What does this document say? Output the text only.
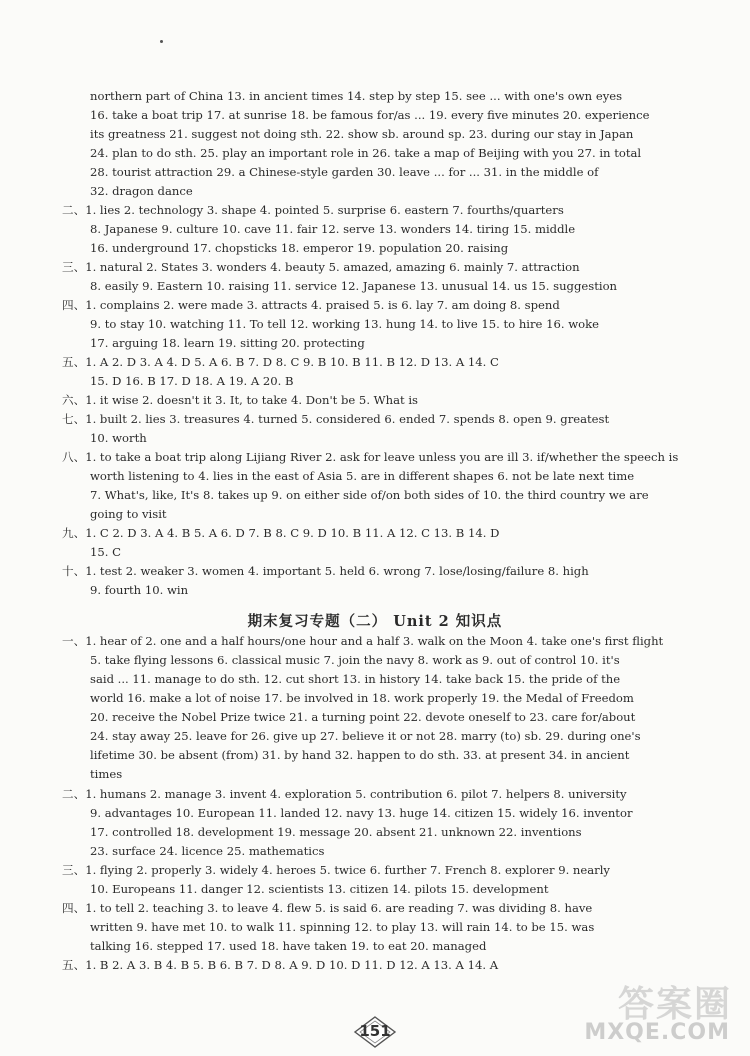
northern part of China 13. in ancient times 14. step by step 15. see ... with one's own eyes
16. take a boat trip 17. at sunrise 18. be famous for/as ... 19. every five minutes 20. experience
its greatness 21. suggest not doing sth. 22. show sb. around sp. 23. during our stay in Japan
24. plan to do sth. 25. play an important role in 26. take a map of Beijing with you 27. in total
28. tourist attraction 29. a Chinese-style garden 30. leave ... for ... 31. in the middle of
32. dragon dance
二、1. lies 2. technology 3. shape 4. pointed 5. surprise 6. eastern 7. fourths/quarters
8. Japanese 9. culture 10. cave 11. fair 12. serve 13. wonders 14. tiring 15. middle
16. underground 17. chopsticks 18. emperor 19. population 20. raising
三、1. natural 2. States 3. wonders 4. beauty 5. amazed, amazing 6. mainly 7. attraction
8. easily 9. Eastern 10. raising 11. service 12. Japanese 13. unusual 14. us 15. suggestion
四、1. complains 2. were made 3. attracts 4. praised 5. is 6. lay 7. am doing 8. spend
9. to stay 10. watching 11. To tell 12. working 13. hung 14. to live 15. to hire 16. woke
17. arguing 18. learn 19. sitting 20. protecting
五、1. A 2. D 3. A 4. D 5. A 6. B 7. D 8. C 9. B 10. B 11. B 12. D 13. A 14. C
15. D 16. B 17. D 18. A 19. A 20. B
六、1. it wise 2. doesn't it 3. It, to take 4. Don't be 5. What is
七、1. built 2. lies 3. treasures 4. turned 5. considered 6. ended 7. spends 8. open 9. greatest
10. worth
八、1. to take a boat trip along Lijiang River 2. ask for leave unless you are ill 3. if/whether the speech is
worth listening to 4. lies in the east of Asia 5. are in different shapes 6. not be late next time
7. What's, like, It's 8. takes up 9. on either side of/on both sides of 10. the third country we are
going to visit
九、1. C 2. D 3. A 4. B 5. A 6. D 7. B 8. C 9. D 10. B 11. A 12. C 13. B 14. D
15. C
十、1. test 2. weaker 3. women 4. important 5. held 6. wrong 7. lose/losing/failure 8. high
9. fourth 10. win
期末复习专题（二） Unit 2 知识点
一、1. hear of 2. one and a half hours/one hour and a half 3. walk on the Moon 4. take one's first flight
5. take flying lessons 6. classical music 7. join the navy 8. work as 9. out of control 10. it's
said ... 11. manage to do sth. 12. cut short 13. in history 14. take back 15. the pride of the
world 16. make a lot of noise 17. be involved in 18. work properly 19. the Medal of Freedom
20. receive the Nobel Prize twice 21. a turning point 22. devote oneself to 23. care for/about
24. stay away 25. leave for 26. give up 27. believe it or not 28. marry (to) sb. 29. during one's
lifetime 30. be absent (from) 31. by hand 32. happen to do sth. 33. at present 34. in ancient
times
二、1. humans 2. manage 3. invent 4. exploration 5. contribution 6. pilot 7. helpers 8. university
9. advantages 10. European 11. landed 12. navy 13. huge 14. citizen 15. widely 16. inventor
17. controlled 18. development 19. message 20. absent 21. unknown 22. inventions
23. surface 24. licence 25. mathematics
三、1. flying 2. properly 3. widely 4. heroes 5. twice 6. further 7. French 8. explorer 9. nearly
10. Europeans 11. danger 12. scientists 13. citizen 14. pilots 15. development
四、1. to tell 2. teaching 3. to leave 4. flew 5. is said 6. are reading 7. was dividing 8. have
written 9. have met 10. to walk 11. spinning 12. to play 13. will rain 14. to be 15. was
talking 16. stepped 17. used 18. have taken 19. to eat 20. managed
五、1. B 2. A 3. B 4. B 5. B 6. B 7. D 8. A 9. D 10. D 11. D 12. A 13. A 14. A
151
答案圈
MXQE.COM
